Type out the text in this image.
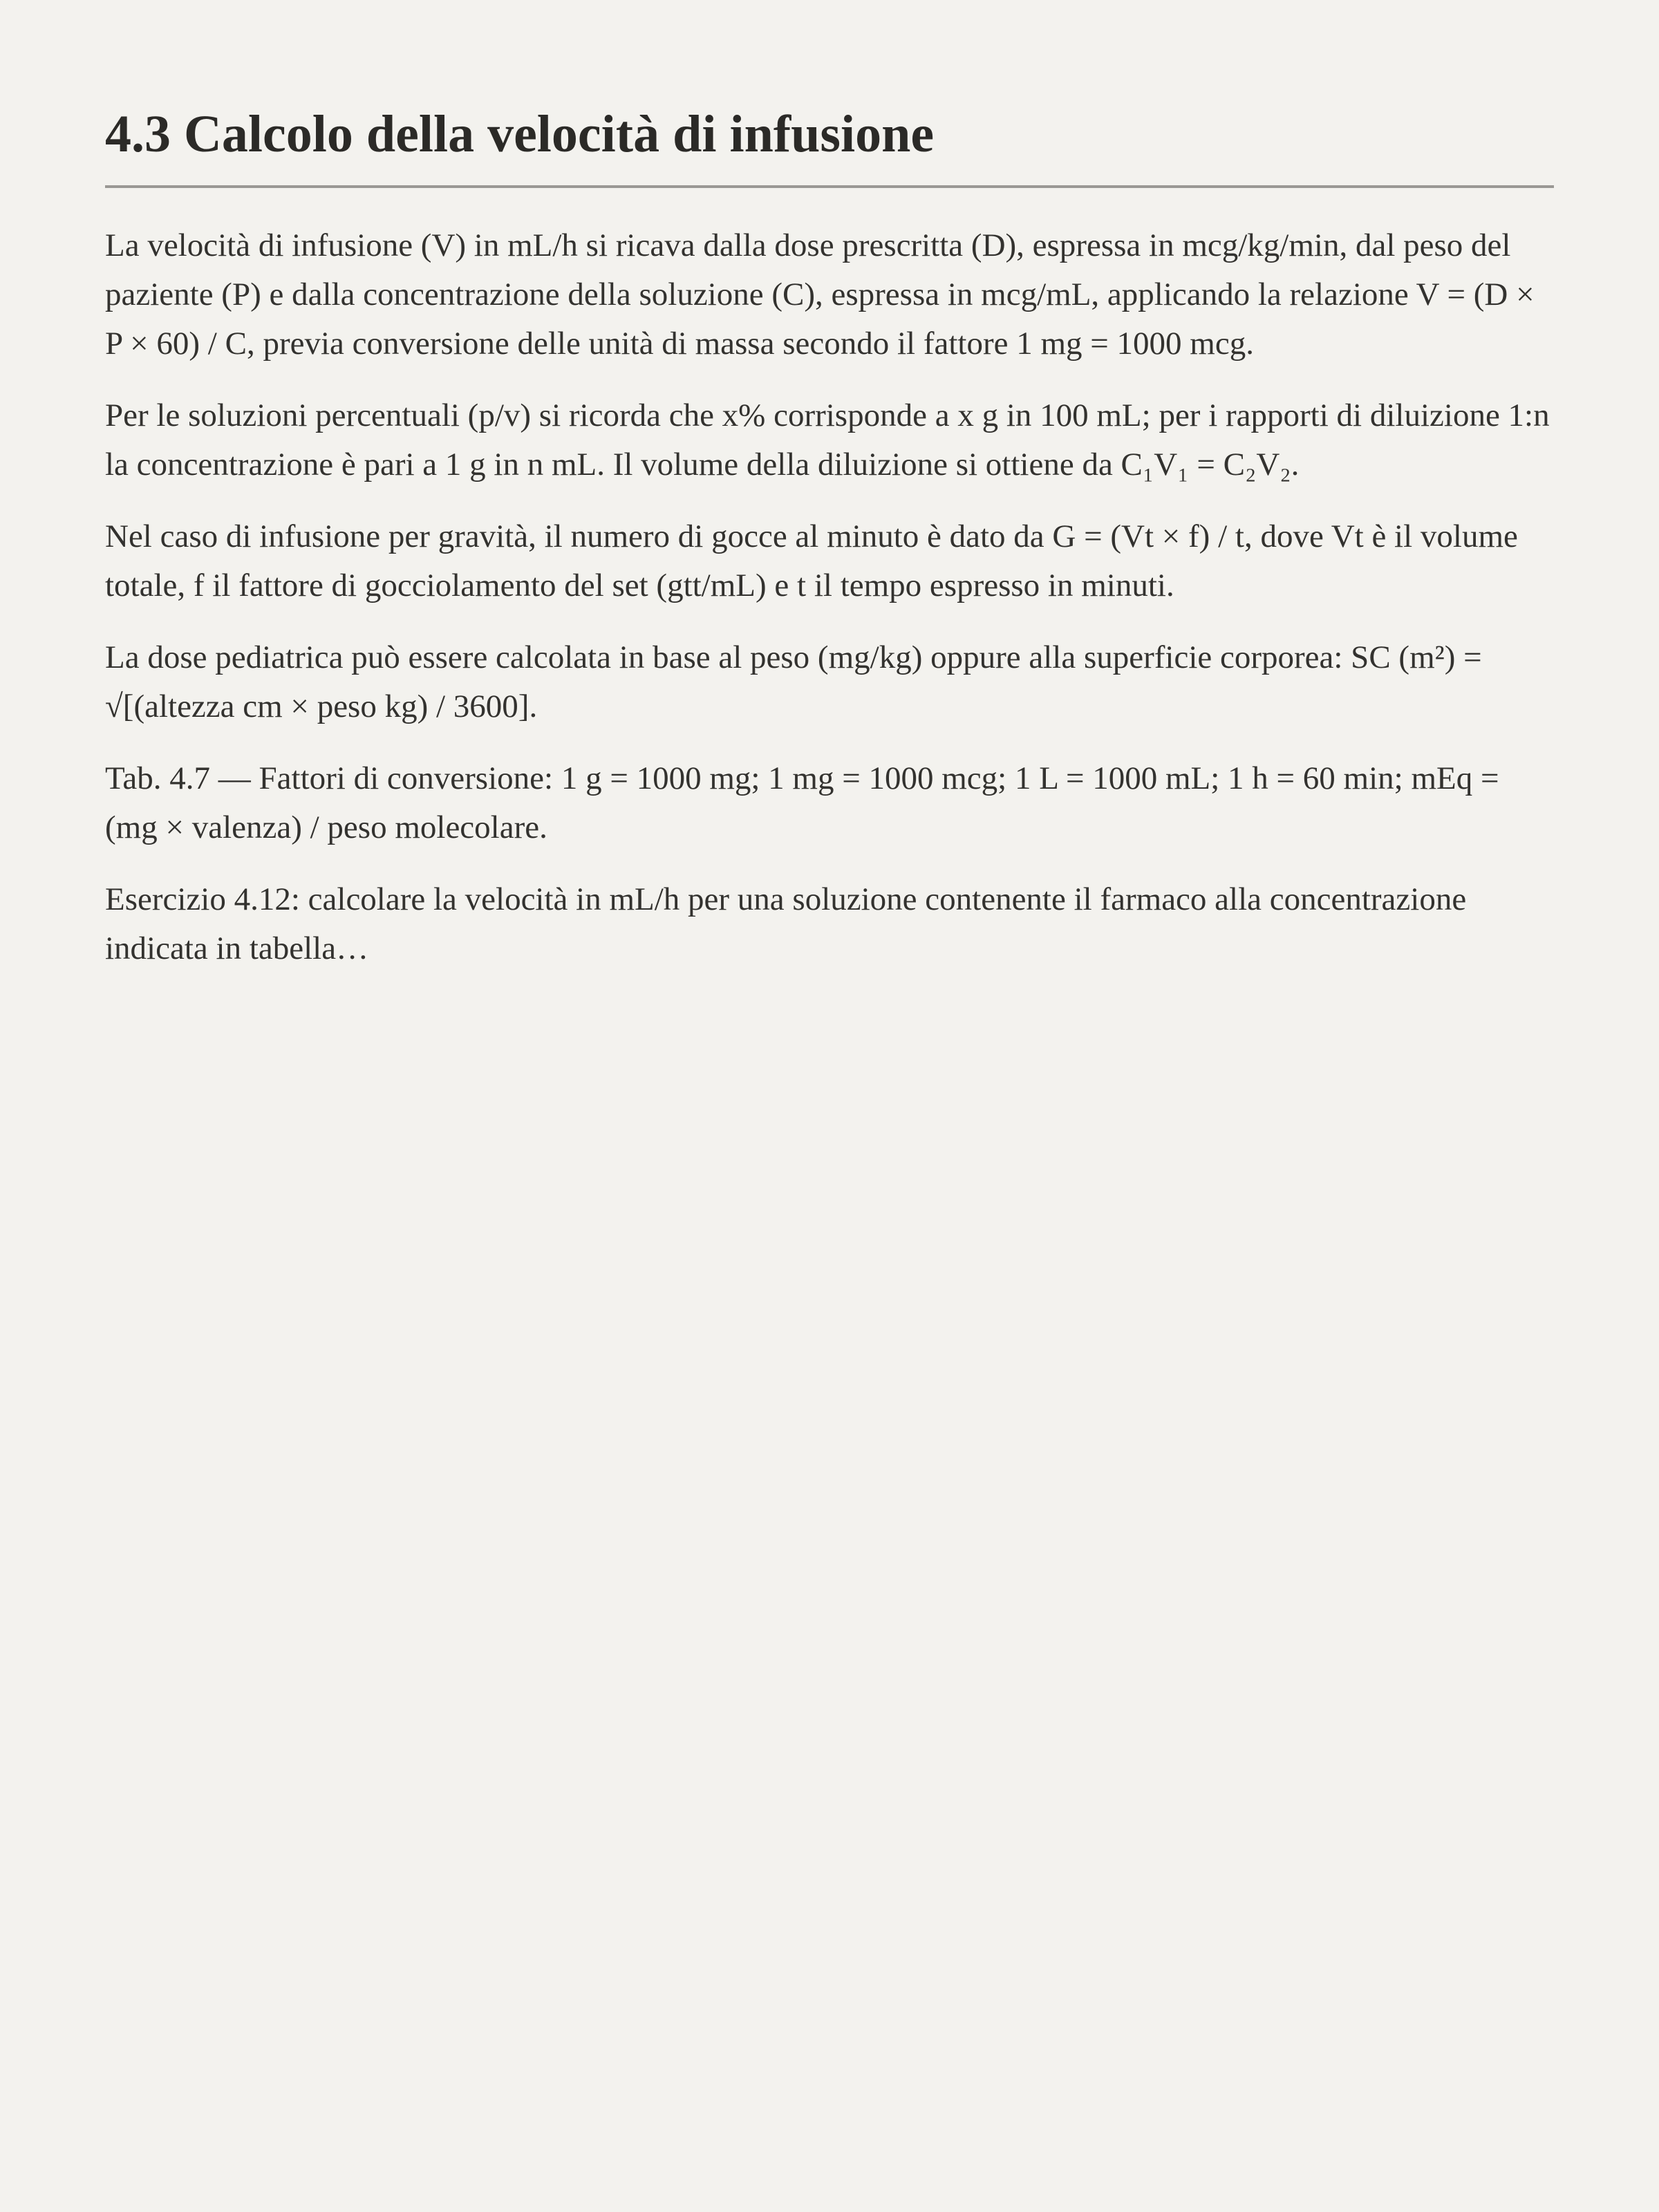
4.3 Calcolo della velocità di infusione

La velocità di infusione (V) in mL/h si ricava dalla dose prescritta (D), espressa in mcg/kg/min, dal peso del paziente (P) e dalla concentrazione della soluzione (C), espressa in mcg/mL, applicando la relazione V = (D × P × 60) / C, previa conversione delle unità di massa secondo il fattore 1 mg = 1000 mcg.

Per le soluzioni percentuali (p/v) si ricorda che x% corrisponde a x g in 100 mL; per i rapporti di diluizione 1:n la concentrazione è pari a 1 g in n mL. Il volume della diluizione si ottiene da C₁V₁ = C₂V₂.

Nel caso di infusione per gravità, il numero di gocce al minuto è dato da G = (Vt × f) / t, dove Vt è il volume totale, f il fattore di gocciolamento del set (gtt/mL) e t il tempo espresso in minuti.

La dose pediatrica può essere calcolata in base al peso (mg/kg) oppure alla superficie corporea: SC (m²) = √[(altezza cm × peso kg) / 3600].

Tab. 4.7 — Fattori di conversione: 1 g = 1000 mg; 1 mg = 1000 mcg; 1 L = 1000 mL; 1 h = 60 min; mEq = (mg × valenza) / peso molecolare.

Esercizio 4.12: calcolare la velocità in mL/h per una soluzione contenente il farmaco alla concentrazione indicata in tabella…
